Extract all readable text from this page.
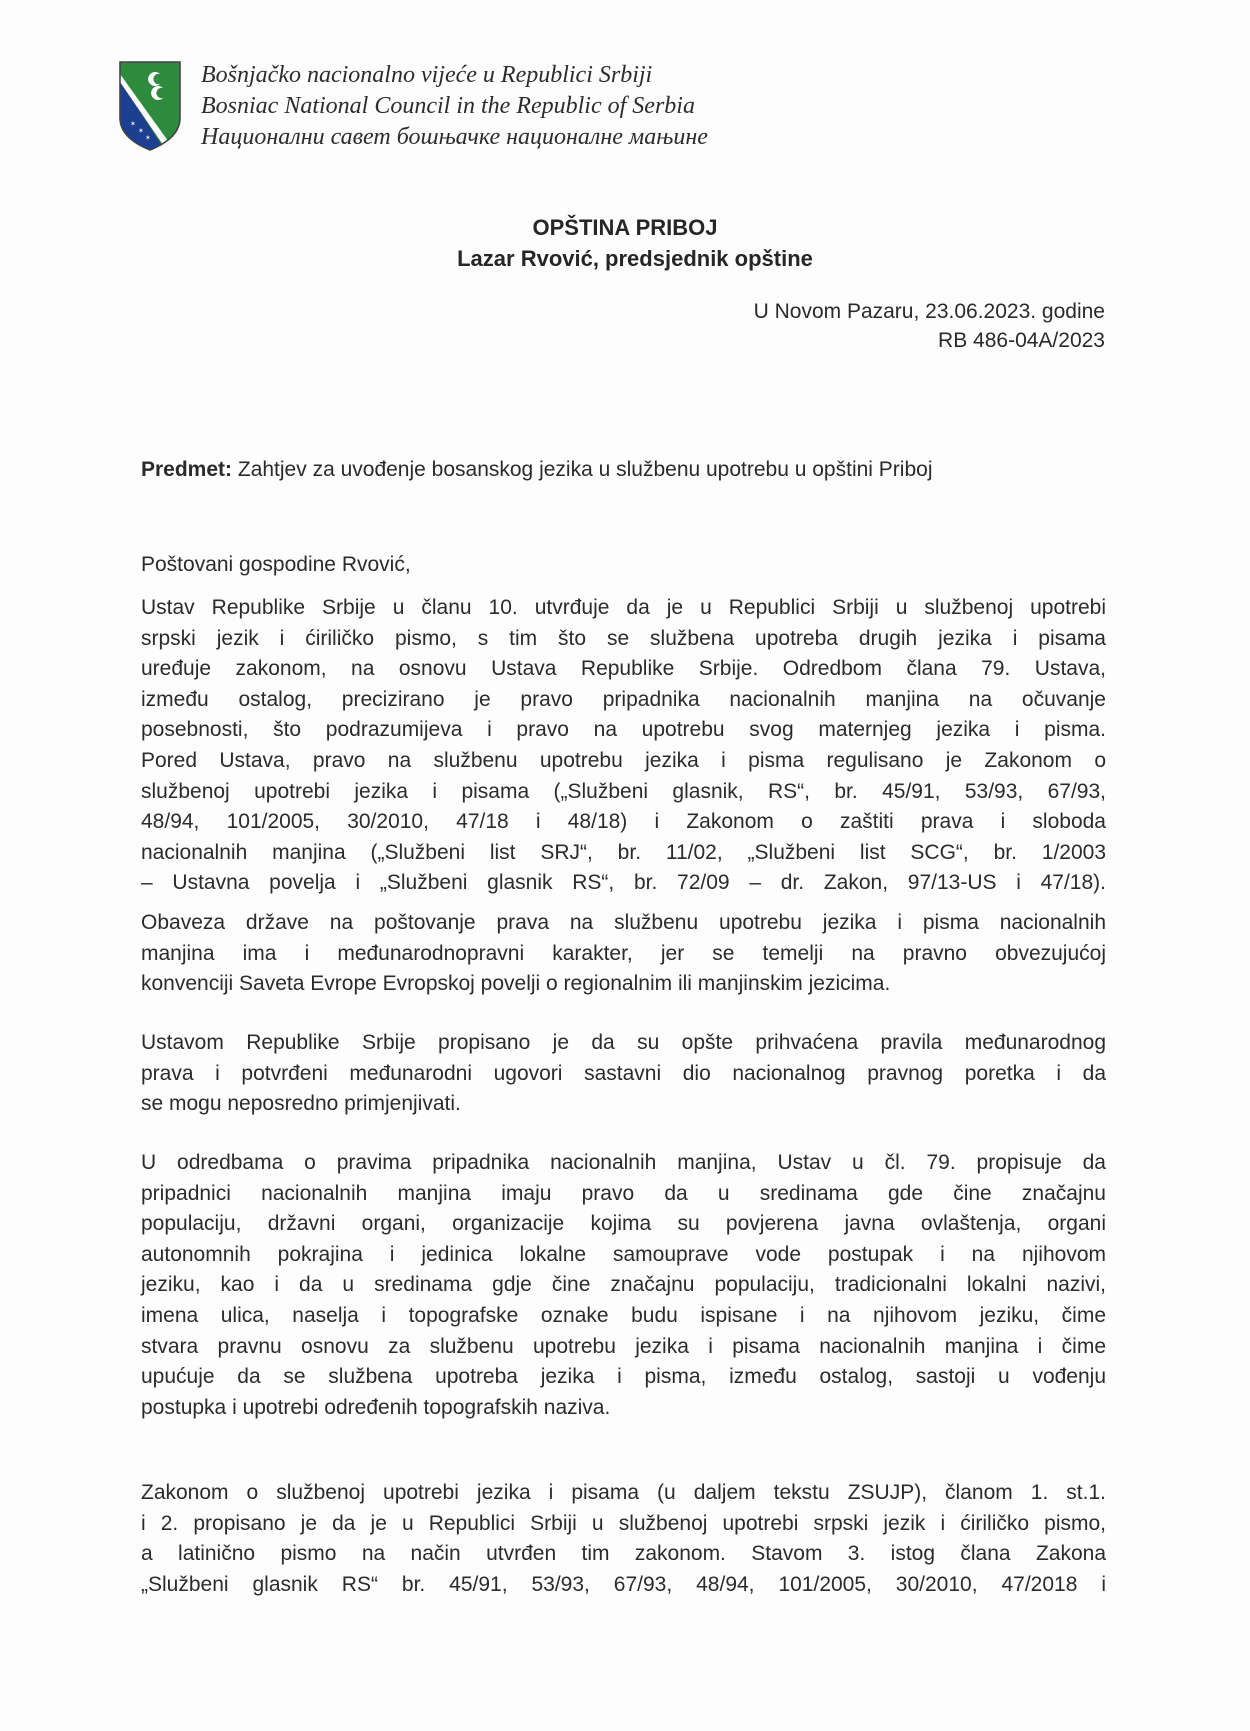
✶
✶
✶
Bošnjačko nacionalno vijeće u Republici Srbiji
Bosniac National Council in the Republic of Serbia
Национални савет бошњачке националне мањине
OPŠTINA PRIBOJ
Lazar Rvović, predsjednik opštine
U Novom Pazaru, 23.06.2023. godine
RB 486-04A/2023
Predmet: Zahtjev za uvođenje bosanskog jezika u službenu upotrebu u opštini Priboj
Poštovani gospodine Rvović,
Ustav Republike Srbije u članu 10. utvrđuje da je u Republici Srbiji u službenoj upotrebi
srpski jezik i ćiriličko pismo, s tim što se službena upotreba drugih jezika i pisama
uređuje zakonom, na osnovu Ustava Republike Srbije. Odredbom člana 79. Ustava,
između ostalog, precizirano je pravo pripadnika nacionalnih manjina na očuvanje
posebnosti, što podrazumijeva i pravo na upotrebu svog maternjeg jezika i pisma.
Pored Ustava, pravo na službenu upotrebu jezika i pisma regulisano je Zakonom o
službenoj upotrebi jezika i pisama („Službeni glasnik, RS“, br. 45/91, 53/93, 67/93,
48/94, 101/2005, 30/2010, 47/18 i 48/18) i Zakonom o zaštiti prava i sloboda
nacionalnih manjina („Službeni list SRJ“, br. 11/02, „Službeni list SCG“, br. 1/2003
– Ustavna povelja i „Službeni glasnik RS“, br. 72/09 – dr. Zakon, 97/13-US i 47/18).
Obaveza države na poštovanje prava na službenu upotrebu jezika i pisma nacionalnih
manjina ima i međunarodnopravni karakter, jer se temelji na pravno obvezujućoj
konvenciji Saveta Evrope Evropskoj povelji o regionalnim ili manjinskim jezicima.
Ustavom Republike Srbije propisano je da su opšte prihvaćena pravila međunarodnog
prava i potvrđeni međunarodni ugovori sastavni dio nacionalnog pravnog poretka i da
se mogu neposredno primjenjivati.
U odredbama o pravima pripadnika nacionalnih manjina, Ustav u čl. 79. propisuje da
pripadnici nacionalnih manjina imaju pravo da u sredinama gde čine značajnu
populaciju, državni organi, organizacije kojima su povjerena javna ovlaštenja, organi
autonomnih pokrajina i jedinica lokalne samouprave vode postupak i na njihovom
jeziku, kao i da u sredinama gdje čine značajnu populaciju, tradicionalni lokalni nazivi,
imena ulica, naselja i topografske oznake budu ispisane i na njihovom jeziku, čime
stvara pravnu osnovu za službenu upotrebu jezika i pisama nacionalnih manjina i čime
upućuje da se službena upotreba jezika i pisma, između ostalog, sastoji u vođenju
postupka i upotrebi određenih topografskih naziva.
Zakonom o službenoj upotrebi jezika i pisama (u daljem tekstu ZSUJP), članom 1. st.1.
i 2. propisano je da je u Republici Srbiji u službenoj upotrebi srpski jezik i ćiriličko pismo,
a latinično pismo na način utvrđen tim zakonom. Stavom 3. istog člana Zakona
„Službeni glasnik RS“ br. 45/91, 53/93, 67/93, 48/94, 101/2005, 30/2010, 47/2018 i
